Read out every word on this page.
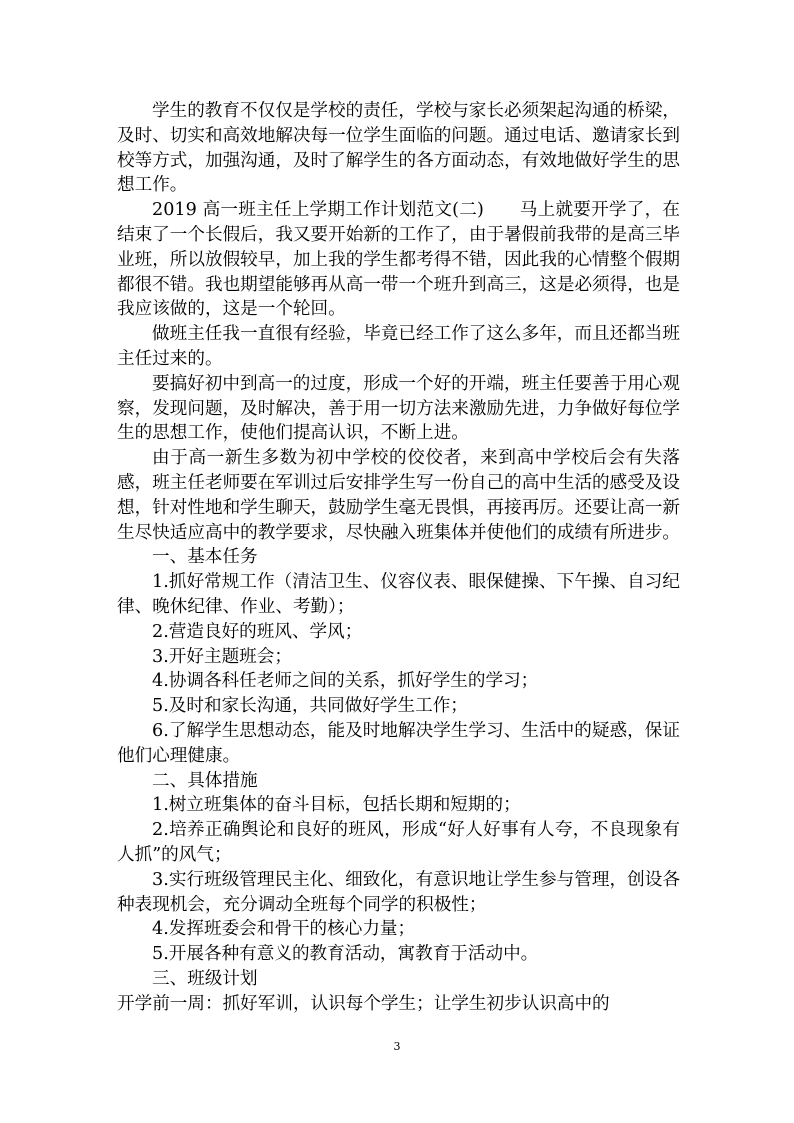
学生的教育不仅仅是学校的责任，学校与家长必须架起沟通的桥梁，及时、切实和高效地解决每一位学生面临的问题。通过电话、邀请家长到校等方式，加强沟通，及时了解学生的各方面动态，有效地做好学生的思想工作。

2019 高一班主任上学期工作计划范文(二)　　马上就要开学了，在结束了一个长假后，我又要开始新的工作了，由于暑假前我带的是高三毕业班，所以放假较早，加上我的学生都考得不错，因此我的心情整个假期都很不错。我也期望能够再从高一带一个班升到高三，这是必须得，也是我应该做的，这是一个轮回。

做班主任我一直很有经验，毕竟已经工作了这么多年，而且还都当班主任过来的。

要搞好初中到高一的过度，形成一个好的开端，班主任要善于用心观察，发现问题，及时解决，善于用一切方法来激励先进，力争做好每位学生的思想工作，使他们提高认识，不断上进。

由于高一新生多数为初中学校的佼佼者，来到高中学校后会有失落感，班主任老师要在军训过后安排学生写一份自己的高中生活的感受及设想，针对性地和学生聊天，鼓励学生毫无畏惧，再接再厉。还要让高一新生尽快适应高中的教学要求，尽快融入班集体并使他们的成绩有所进步。

一、基本任务

1.抓好常规工作（清洁卫生、仪容仪表、眼保健操、下午操、自习纪律、晚休纪律、作业、考勤）；

2.营造良好的班风、学风；

3.开好主题班会；

4.协调各科任老师之间的关系，抓好学生的学习；

5.及时和家长沟通，共同做好学生工作；

6.了解学生思想动态，能及时地解决学生学习、生活中的疑惑，保证他们心理健康。

二、具体措施

1.树立班集体的奋斗目标，包括长期和短期的；

2.培养正确舆论和良好的班风，形成“好人好事有人夸，不良现象有人抓”的风气；

3.实行班级管理民主化、细致化，有意识地让学生参与管理，创设各种表现机会，充分调动全班每个同学的积极性；

4.发挥班委会和骨干的核心力量；

5.开展各种有意义的教育活动，寓教育于活动中。

三、班级计划

开学前一周：抓好军训，认识每个学生；让学生初步认识高中的

3
